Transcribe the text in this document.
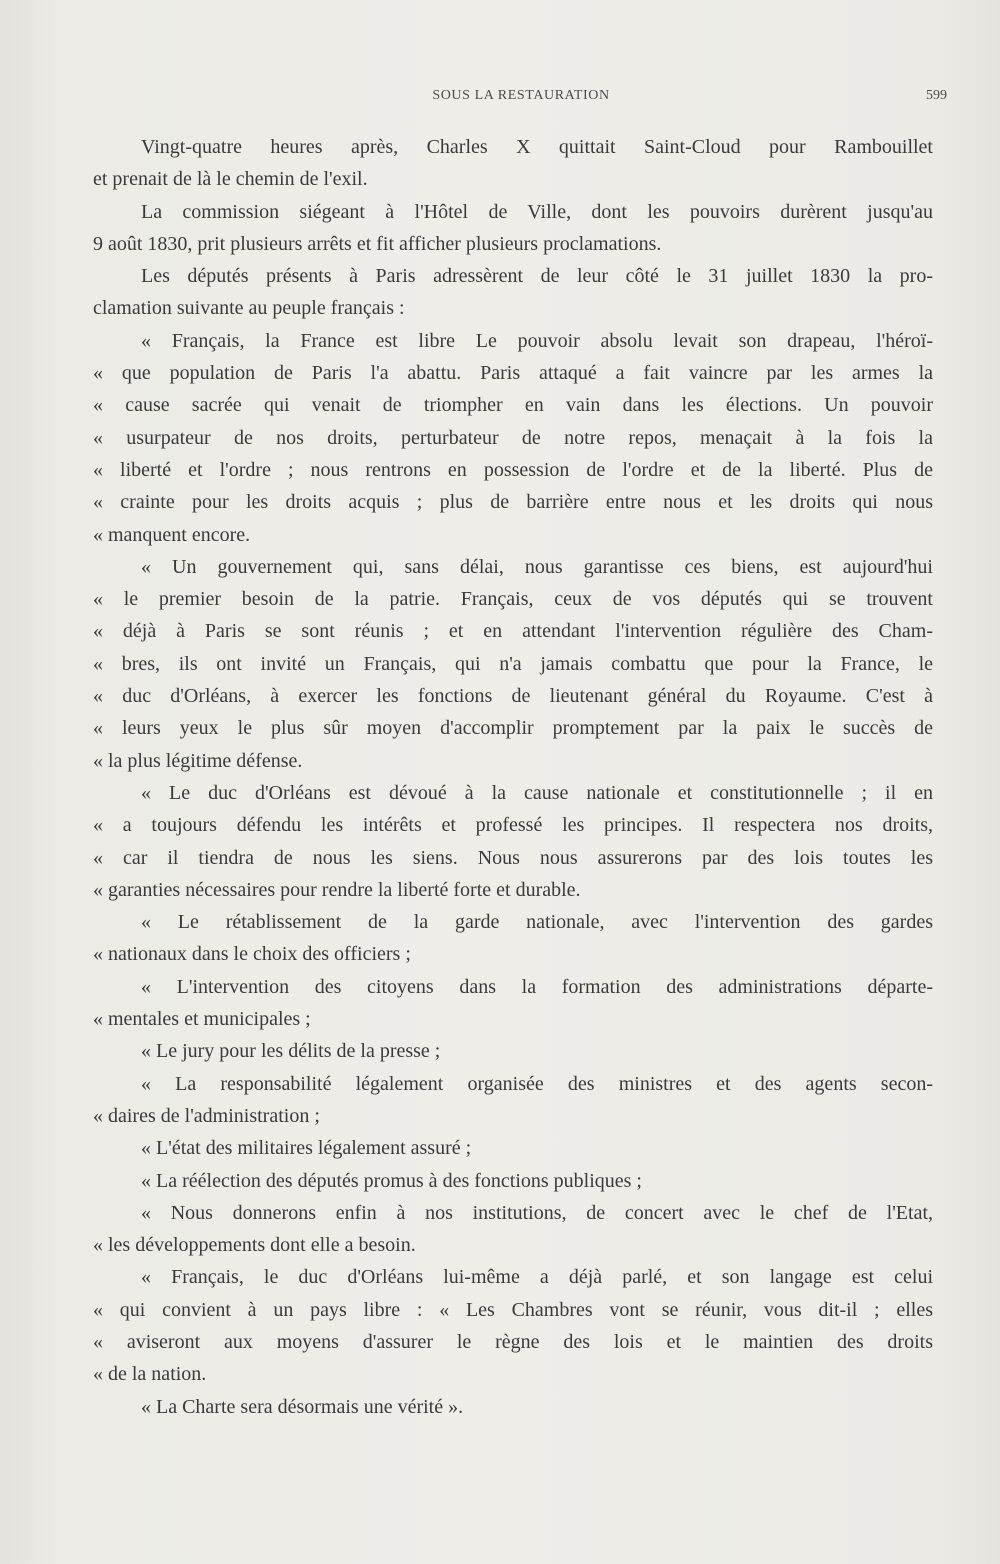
SOUS LA RESTAURATION	599
Vingt-quatre heures après, Charles X quittait Saint-Cloud pour Rambouillet
et prenait de là le chemin de l'exil.
La commission siégeant à l'Hôtel de Ville, dont les pouvoirs durèrent jusqu'au
9 août 1830, prit plusieurs arrêts et fit afficher plusieurs proclamations.
Les députés présents à Paris adressèrent de leur côté le 31 juillet 1830 la pro-
clamation suivante au peuple français :
« Français, la France est libre Le pouvoir absolu levait son drapeau, l'héroï-
« que population de Paris l'a abattu. Paris attaqué a fait vaincre par les armes la
« cause sacrée qui venait de triompher en vain dans les élections. Un pouvoir
« usurpateur de nos droits, perturbateur de notre repos, menaçait à la fois la
« liberté et l'ordre ; nous rentrons en possession de l'ordre et de la liberté. Plus de
« crainte pour les droits acquis ; plus de barrière entre nous et les droits qui nous
« manquent encore.
« Un gouvernement qui, sans délai, nous garantisse ces biens, est aujourd'hui
« le premier besoin de la patrie. Français, ceux de vos députés qui se trouvent
« déjà à Paris se sont réunis ; et en attendant l'intervention régulière des Cham-
« bres, ils ont invité un Français, qui n'a jamais combattu que pour la France, le
« duc d'Orléans, à exercer les fonctions de lieutenant général du Royaume. C'est à
« leurs yeux le plus sûr moyen d'accomplir promptement par la paix le succès de
« la plus légitime défense.
« Le duc d'Orléans est dévoué à la cause nationale et constitutionnelle ; il en
« a toujours défendu les intérêts et professé les principes. Il respectera nos droits,
« car il tiendra de nous les siens. Nous nous assurerons par des lois toutes les
« garanties nécessaires pour rendre la liberté forte et durable.
« Le rétablissement de la garde nationale, avec l'intervention des gardes
« nationaux dans le choix des officiers ;
« L'intervention des citoyens dans la formation des administrations départe-
« mentales et municipales ;
« Le jury pour les délits de la presse ;
« La responsabilité légalement organisée des ministres et des agents secon-
« daires de l'administration ;
« L'état des militaires légalement assuré ;
« La réélection des députés promus à des fonctions publiques ;
« Nous donnerons enfin à nos institutions, de concert avec le chef de l'Etat,
« les développements dont elle a besoin.
« Français, le duc d'Orléans lui-même a déjà parlé, et son langage est celui
« qui convient à un pays libre : « Les Chambres vont se réunir, vous dit-il ; elles
« aviseront aux moyens d'assurer le règne des lois et le maintien des droits
« de la nation.
« La Charte sera désormais une vérité ».
